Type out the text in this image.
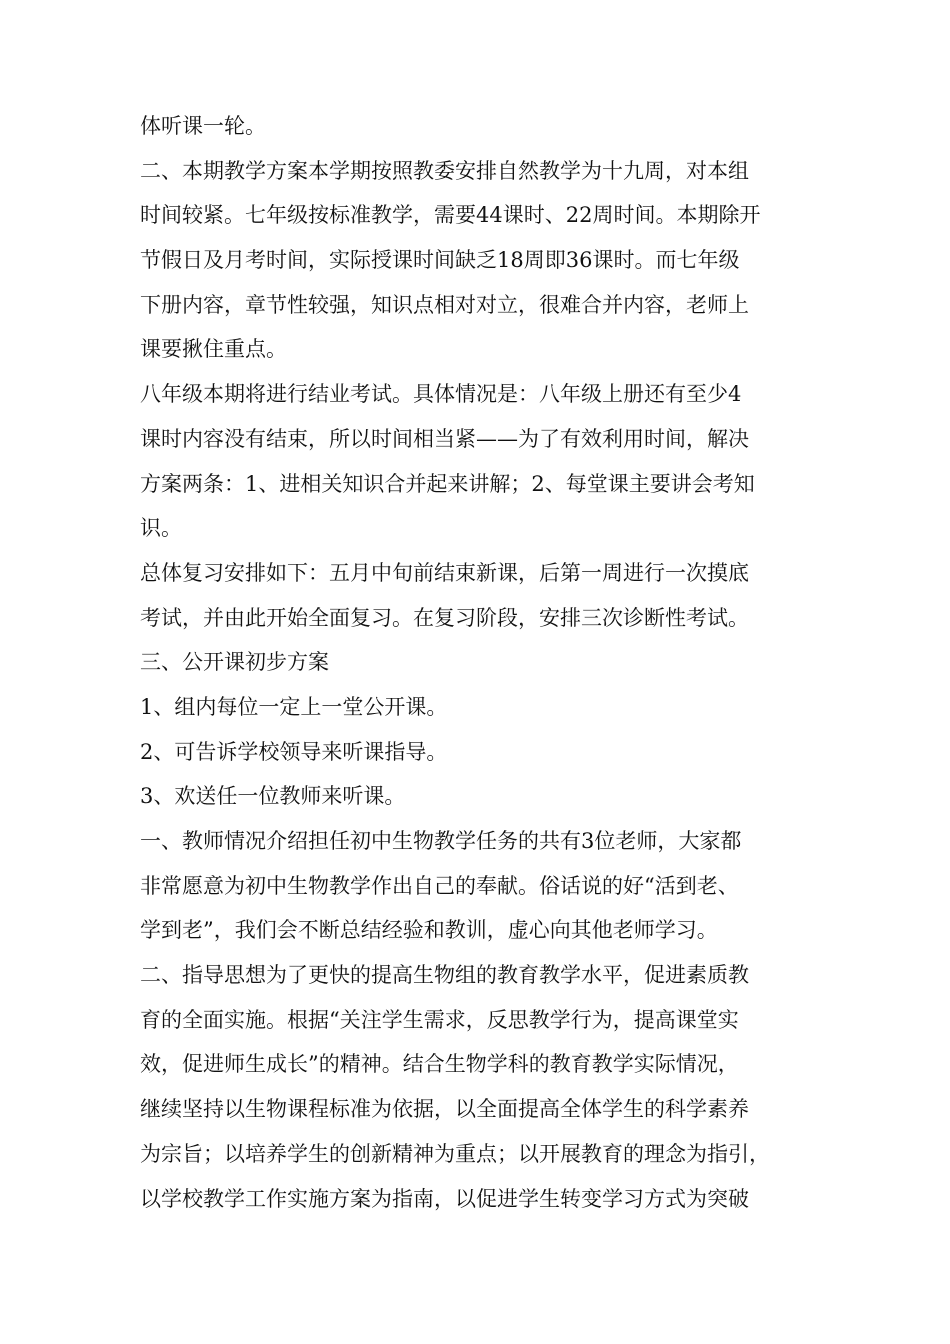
体听课一轮。
二、本期教学方案本学期按照教委安排自然教学为十九周，对本组
时间较紧。七年级按标准教学，需要44课时、22周时间。本期除开
节假日及月考时间，实际授课时间缺乏18周即36课时。而七年级
下册内容，章节性较强，知识点相对对立，很难合并内容，老师上
课要揪住重点。
八年级本期将进行结业考试。具体情况是：八年级上册还有至少4
课时内容没有结束，所以时间相当紧——为了有效利用时间，解决
方案两条：1、进相关知识合并起来讲解；2、每堂课主要讲会考知
识。
总体复习安排如下：五月中旬前结束新课，后第一周进行一次摸底
考试，并由此开始全面复习。在复习阶段，安排三次诊断性考试。
三、公开课初步方案
1、组内每位一定上一堂公开课。
2、可告诉学校领导来听课指导。
3、欢送任一位教师来听课。
一、教师情况介绍担任初中生物教学任务的共有3位老师，大家都
非常愿意为初中生物教学作出自己的奉献。俗话说的好“活到老、
学到老”，我们会不断总结经验和教训，虚心向其他老师学习。
二、指导思想为了更快的提高生物组的教育教学水平，促进素质教
育的全面实施。根据“关注学生需求，反思教学行为，提高课堂实
效，促进师生成长”的精神。结合生物学科的教育教学实际情况，
继续坚持以生物课程标准为依据，以全面提高全体学生的科学素养
为宗旨；以培养学生的创新精神为重点；以开展教育的理念为指引，
以学校教学工作实施方案为指南，以促进学生转变学习方式为突破
